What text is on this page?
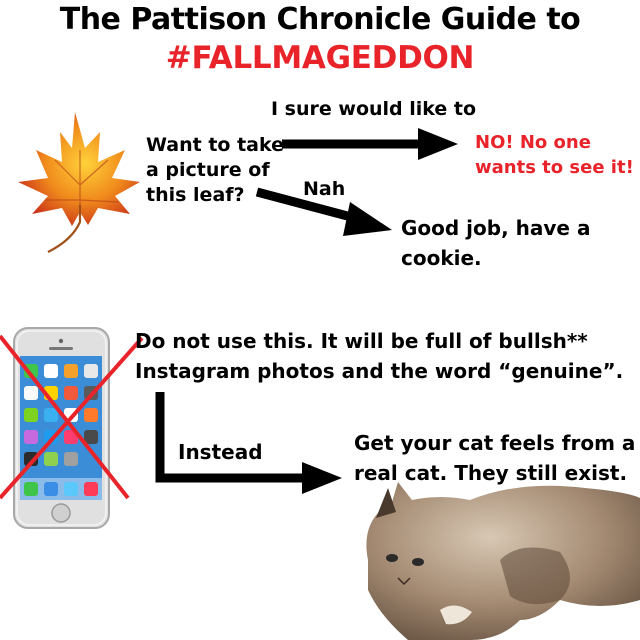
The Pattison Chronicle Guide to
#FALLMAGEDDON
Want to take
a picture of
this leaf?
I sure would like to
NO! No one
wants to see it!
Nah
Good job, have a
cookie.
Do not use this. It will be full of bullsh**
Instagram photos and the word “genuine”.
Instead	Get your cat feels from a
real cat. They still exist.
